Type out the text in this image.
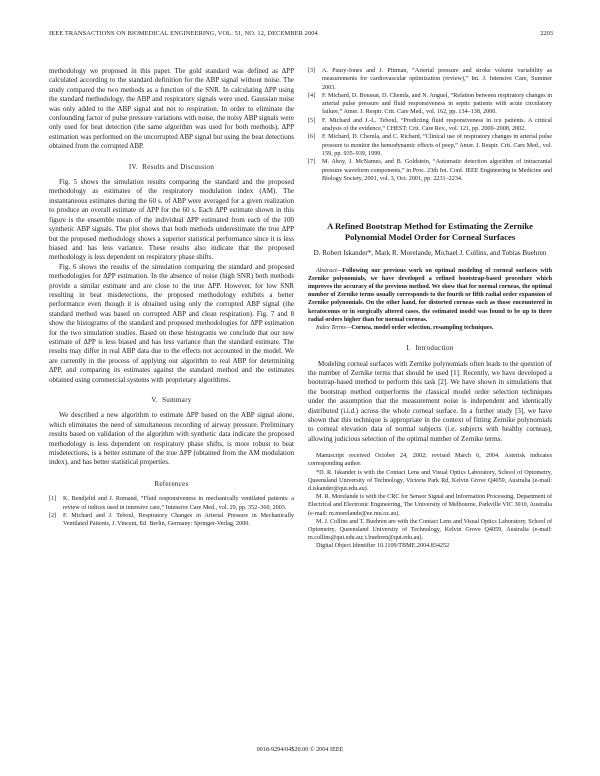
IEEE TRANSACTIONS ON BIOMEDICAL ENGINEERING, VOL. 51, NO. 12, DECEMBER 2004	2203

methodology we proposed in this paper. The gold standard was defined as ΔPP calculated according to the standard definition for the ABP signal without noise. The study compared the two methods as a function of the SNR. In calculating ΔPP using the standard methodology, the ABP and respiratory signals were used. Gaussian noise was only added to the ABP signal and not to respiration. In order to eliminate the confounding factor of pulse pressure variations with noise, the noisy ABP signals were only used for beat detection (the same algorithm was used for both methods), ΔPP estimation was performed on the uncorrupted ABP signal but using the beat detections obtained from the corrupted ABP.

IV. Results and Discussion

Fig. 5 shows the simulation results comparing the standard and the proposed methodology as estimates of the respiratory modulation index (AM). The instantaneous estimates during the 60 s. of ABP were averaged for a given realization to produce an overall estimate of ΔPP for the 60 s. Each ΔPP estimate shown in this figure is the ensemble mean of the individual ΔPP estimated from each of the 100 synthetic ABP signals. The plot shows that both methods underestimate the true ΔPP but the proposed methodology shows a superior statistical performance since it is less biased and has less variance. These results also indicate that the proposed methodology is less dependent on respiratory phase shifts.

Fig. 6 shows the results of the simulation comparing the standard and proposed methodologies for ΔPP estimation. In the absence of noise (high SNR) both methods provide a similar estimate and are close to the true ΔPP. However, for low SNR resulting in beat misdetections, the proposed methodology exhibits a better performance even though it is obtained using only the corrupted ABP signal (the standard method was based on corrupted ABP and clean respiration). Fig. 7 and 8 show the histograms of the standard and proposed methodologies for ΔPP estimation for the two simulation studies. Based on these histograms we conclude that our new estimate of ΔPP is less biased and has less variance than the standard estimate. The results may differ in real ABP data due to the effects not accounted in the model. We are currently in the process of applying our algorithm to real ABP for determining ΔPP, and comparing its estimates against the standard method and the estimates obtained using commercial systems with proprietary algorithms.

V. Summary

We described a new algorithm to estimate ΔPP based on the ABP signal alone, which eliminates the need of simultaneous recording of airway pressure. Preliminary results based on validation of the algorithm with synthetic data indicate the proposed methodology is less dependent on respiratory phase shifts, is more robust to beat misdetections, is a better estimate of the true ΔPP (obtained from the AM modulation index), and has better statistical properties.

References

[1]	K. Bendjelid and J. Romand, “Fluid responsiveness in mechanically ventilated patients: a review of indices used in intensive care,” Intensive Care Med., vol. 29, pp. 352–360, 2003.

[2]	F. Michard and J. Teboul, Respiratory Changes in Arterial Pressure in Mechanically Ventilated Patients, J. Vincent, Ed. Berlin, Germany: Springer-Verlag, 2000.

[3]	A. Paury-Jones and J. Pittman, “Arterial pressure and stroke volume variability as measurements for cardiovascular optimization (review),” Int. J. Intensive Care, Summer 2003.

[4]	F. Michard, D. Boussat, D. Chemla, and N. Anguel, “Relation between respiratory changes in arterial pulse pressure and fluid responsiveness in septic patients with acute circulatory failure,” Amer. J. Respir. Crit. Care Med., vol. 162, pp. 134–138, 2000.

[5]	F. Michard and J.-L. Teboul, “Predicting fluid responsiveness in icu patients. A critical analysis of the evidence,” CHEST: Crit. Care Rev., vol. 121, pp. 2000–2008, 2002.

[6]	F. Michard, D. Chemla, and C. Richard, “Clinical use of respiratory changes in arterial pulse pressure to monitor the hemodynamic effects of peep,” Amer. J. Respir. Crit. Care Med., vol. 159, pp. 935–939, 1999.

[7]	M. Aboy, J. McNames, and B. Goldstein, “Automatic detection algorithm of intracranial pressure waveform components,” in Proc. 23th Int. Conf. IEEE Engineering in Medicine and Biology Society, 2001, vol. 3, Oct. 2001, pp. 2231–2234.

A Refined Bootstrap Method for Estimating the Zernike Polynomial Model Order for Corneal Surfaces
D. Robert Iskander*, Mark R. Morelande, Michael J. Collins, and Tobias Buehren

Abstract—Following our previous work on optimal modeling of corneal surfaces with Zernike polynomials, we have developed a refined bootstrap-based procedure which improves the accuracy of the previous method. We show that for normal corneas, the optimal number of Zernike terms usually corresponds to the fourth or fifth radial order expansion of Zernike polynomials. On the other hand, for distorted corneas such as those encountered in keratoconus or in surgically altered cases, the estimated model was found to be up to three radial orders higher than for normal corneas.

Index Terms—Cornea, model order selection, resampling techniques.

I. Introduction

Modeling corneal surfaces with Zernike polynomials often leads to the question of the number of Zernike terms that should be used [1]. Recently, we have developed a bootstrap-based method to perform this task [2]. We have shown in simulations that the bootstrap method outperforms the classical model order selection techniques under the assumption that the measurement noise is independent and identically distributed (i.i.d.) across the whole corneal surface. In a further study [3], we have shown that this technique is appropriate in the context of fitting Zernike polynomials to corneal elevation data of normal subjects (i.e. subjects with healthy corneas), allowing judicious selection of the optimal number of Zernike terms.

Manuscript received October 24, 2002; revised March 6, 2004. Asterisk indicates corresponding author.

*D. R. Iskander is with the Contact Lens and Visual Optics Laboratory, School of Optometry, Queensland University of Technology, Victoria Park Rd, Kelvin Grove Q4059, Australia (e-mail: d.iskander@qut.edu.au).

M. R. Morelande is with the CRC for Sensor Signal and Information Processing, Department of Electrical and Electronic Engineering, The University of Melbourne, Parkville VIC 3010, Australia (e-mail: m.morelande@ee.mu.oz.au).

M. J. Collins and T. Buehren are with the Contact Lens and Visual Optics Laboratory, School of Optometry, Queensland University of Technology, Kelvin Grove Q4059, Australia (e-mail: m.collins@qut.edu.au; t.buehren@qut.edu.au).

Digital Object Identifier 10.1109/TBME.2004.834252

0018-9294/04$20.00 © 2004 IEEE
